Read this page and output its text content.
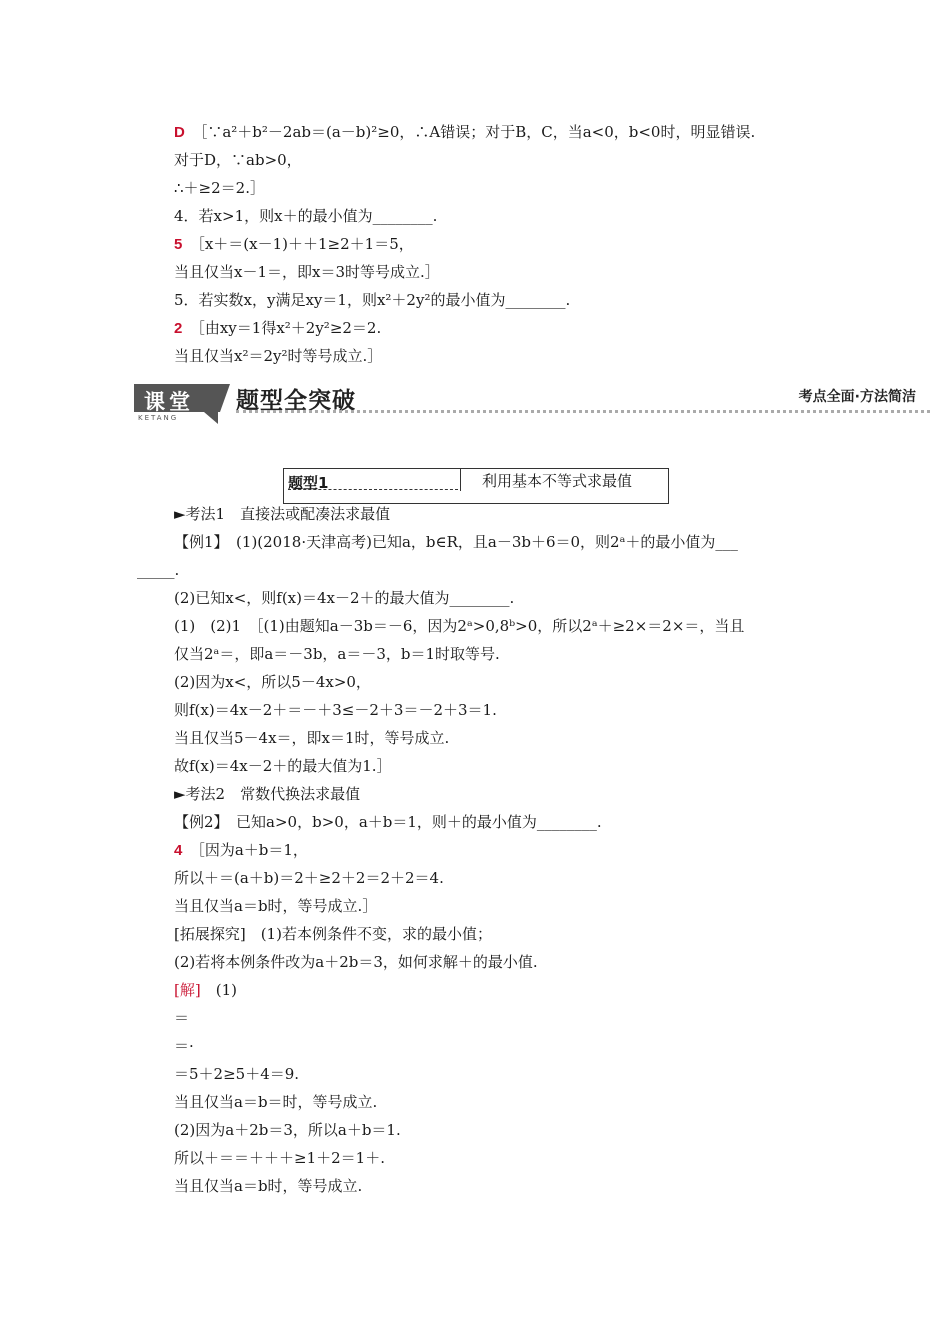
D  ［∵a²＋b²－2ab＝(a－b)²≥0，∴A错误；对于B，C，当a<0，b<0时，明显错误.
对于D，∵ab>0，
∴＋≥2＝2.］
4．若x>1，则x＋的最小值为________.
5  ［x＋＝(x－1)＋＋1≥2＋1＝5，
当且仅当x－1＝，即x＝3时等号成立.］
5．若实数x，y满足xy＝1，则x²＋2y²的最小值为________.
2  ［由xy＝1得x²＋2y²≥2＝2.
当且仅当x²＝2y²时等号成立.］
课堂
KETANG
题型全突破	考点全面·方法简洁
题型1	利用基本不等式求最值
►考法1　直接法或配凑法求最值
【例1】　(1)(2018·天津高考)已知a，b∈R，且a－3b＋6＝0，则2ᵃ＋的最小值为___
_____.
(2)已知x<，则f(x)＝4x－2＋的最大值为________.
(1)　(2)1　［(1)由题知a－3b＝－6，因为2ᵃ>0,8ᵇ>0，所以2ᵃ＋≥2×＝2×＝，当且
仅当2ᵃ＝，即a＝－3b，a＝－3，b＝1时取等号.
(2)因为x<，所以5－4x>0，
则f(x)＝4x－2＋＝－＋3≤－2＋3＝－2＋3＝1.
当且仅当5－4x＝，即x＝1时，等号成立.
故f(x)＝4x－2＋的最大值为1.］
►考法2　常数代换法求最值
【例2】　已知a>0，b>0，a＋b＝1，则＋的最小值为________.
4  ［因为a＋b＝1，
所以＋＝(a＋b)＝2＋≥2＋2＝2＋2＝4.
当且仅当a＝b时，等号成立.］
[拓展探究]　(1)若本例条件不变，求的最小值；
(2)若将本例条件改为a＋2b＝3，如何求解＋的最小值.
[解]　(1)
＝
＝·
＝5＋2≥5＋4＝9.
当且仅当a＝b＝时，等号成立.
(2)因为a＋2b＝3，所以a＋b＝1.
所以＋＝＝＋＋＋≥1＋2＝1＋.
当且仅当a＝b时，等号成立.
